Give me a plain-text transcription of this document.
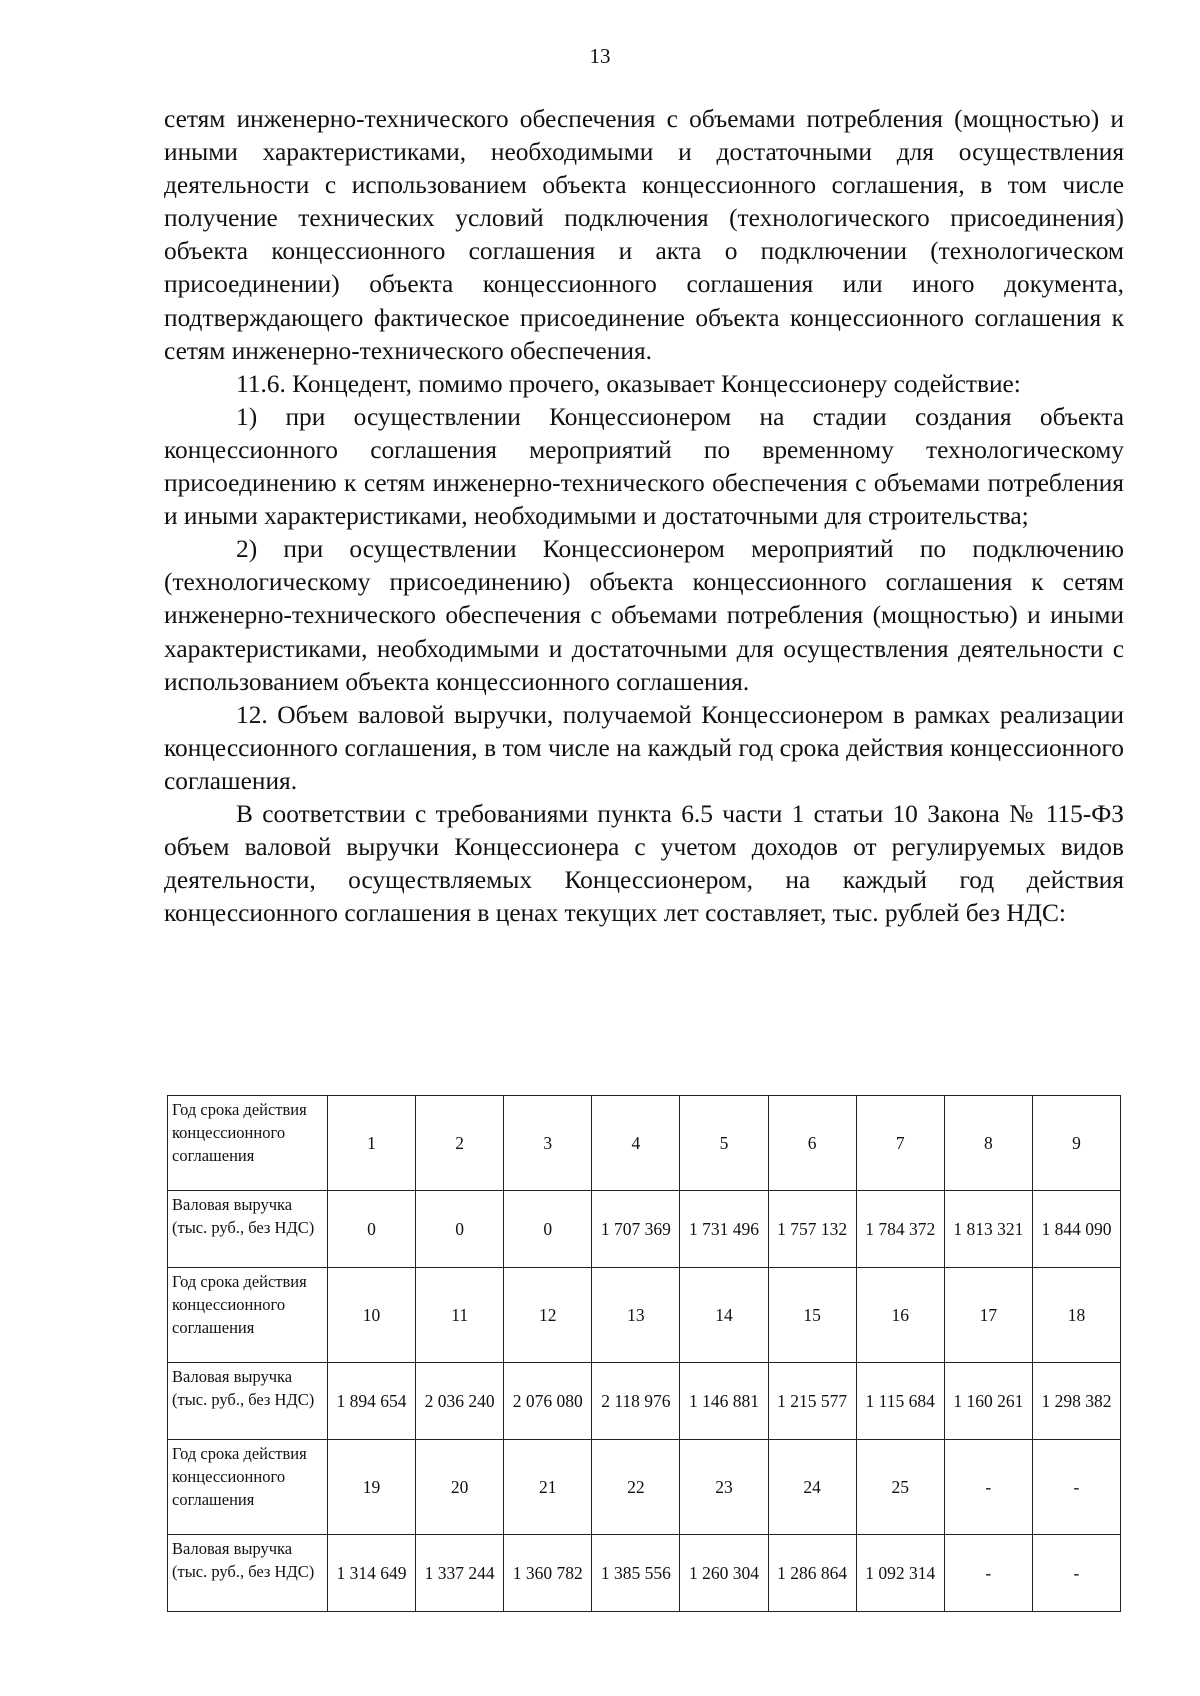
13

сетям инженерно-технического обеспечения с объемами потребления (мощностью) и иными характеристиками, необходимыми и достаточными для осуществления деятельности с использованием объекта концессионного соглашения, в том числе получение технических условий подключения (технологического присоединения) объекта концессионного соглашения и акта о подключении (технологическом присоединении) объекта концессионного соглашения или иного документа, подтверждающего фактическое присоединение объекта концессионного соглашения к сетям инженерно-технического обеспечения.

11.6. Концедент, помимо прочего, оказывает Концессионеру содействие:

1) при осуществлении Концессионером на стадии создания объекта концессионного соглашения мероприятий по временному технологическому присоединению к сетям инженерно-технического обеспечения с объемами потребления и иными характеристиками, необходимыми и достаточными для строительства;

2) при осуществлении Концессионером мероприятий по подключению (технологическому присоединению) объекта концессионного соглашения к сетям инженерно-технического обеспечения с объемами потребления (мощностью) и иными характеристиками, необходимыми и достаточными для осуществления деятельности с использованием объекта концессионного соглашения.

12. Объем валовой выручки, получаемой Концессионером в рамках реализации концессионного соглашения, в том числе на каждый год срока действия концессионного соглашения.

В соответствии с требованиями пункта 6.5 части 1 статьи 10 Закона № 115-ФЗ объем валовой выручки Концессионера с учетом доходов от регулируемых видов деятельности, осуществляемых Концессионером, на каждый год действия концессионного соглашения в ценах текущих лет составляет, тыс. рублей без НДС:

Год срока действия концессионного соглашения	1	2	3	4	5	6	7	8	9
Валовая выручка (тыс. руб., без НДС)	0	0	0	1 707 369	1 731 496	1 757 132	1 784 372	1 813 321	1 844 090
Год срока действия концессионного соглашения	10	11	12	13	14	15	16	17	18
Валовая выручка (тыс. руб., без НДС)	1 894 654	2 036 240	2 076 080	2 118 976	1 146 881	1 215 577	1 115 684	1 160 261	1 298 382
Год срока действия концессионного соглашения	19	20	21	22	23	24	25	-	-
Валовая выручка (тыс. руб., без НДС)	1 314 649	1 337 244	1 360 782	1 385 556	1 260 304	1 286 864	1 092 314	-	-
